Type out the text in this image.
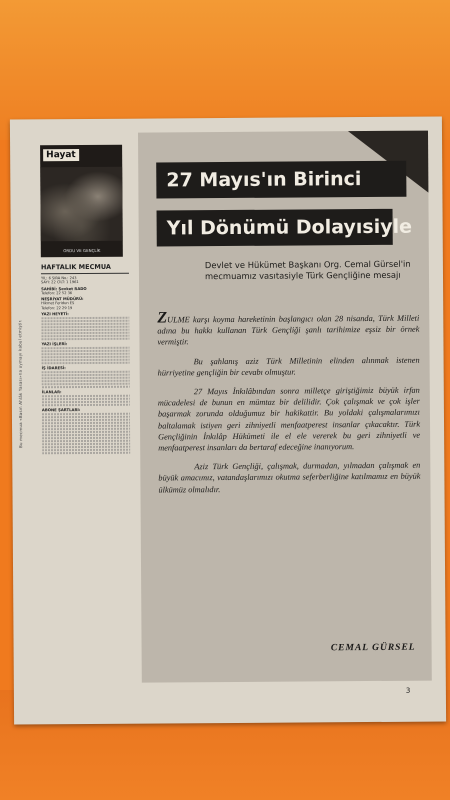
Bu mecmua «Basın Ahlâk Yasası»na uymayı kabul etmiştir.
Hayat
ORDU VE GENÇLİK
HAFTALIK MECMUA
YIL: 6 SIRA No.: 243
SAYI: 22 CİLT: 1 1961
SAHİBİ: Şevket RADO
Telefon: 22 52 36
NEŞRİYAT MÜDÜRÜ:
Hikmet Feridun ES
Telefon: 22 29 19
YAZI HEYETİ:
YAZI İŞLERİ:
İŞ İDARESİ:
İLANLAR:
ABONE ŞARTLARI:
27 Mayıs'ın Birinci
Yıl Dönümü Dolayısiyle
Devlet ve Hükümet Başkanı Org. Cemal Gürsel'in mecmuamız vasıtasiyle Türk Gençliğine mesajı

ZULME karşı koyma hareketinin başlangıcı olan 28 nisanda, Türk Milleti adına bu hakkı kullanan Türk Gençliği şanlı tarihimize eşsiz bir örnek vermiştir.

Bu şahlanış aziz Türk Milletinin elinden alınmak istenen hürriyetine gençliğin bir cevabı olmuştur.

27 Mayıs İnkılâbından sonra milletçe giriştiğimiz büyük irfan mücadelesi de bunun en mümtaz bir delilidir. Çok çalışmak ve çok işler başarmak zorunda olduğumuz bir hakikattir. Bu yoldaki çalışmalarımızı baltalamak istiyen geri zihniyetli menfaatperest insanlar çıkacaktır. Türk Gençliğinin İnkılâp Hükümeti ile el ele vererek bu geri zihniyetli ve menfaatperest insanları da bertaraf edeceğine inanıyorum.

Aziz Türk Gençliği, çalışmak, durmadan, yılmadan çalışmak en büyük amacımız, vatandaşlarımızı okutma seferberliğine katılmamız en büyük ülkümüz olmalıdır.

CEMAL GÜRSEL
3
